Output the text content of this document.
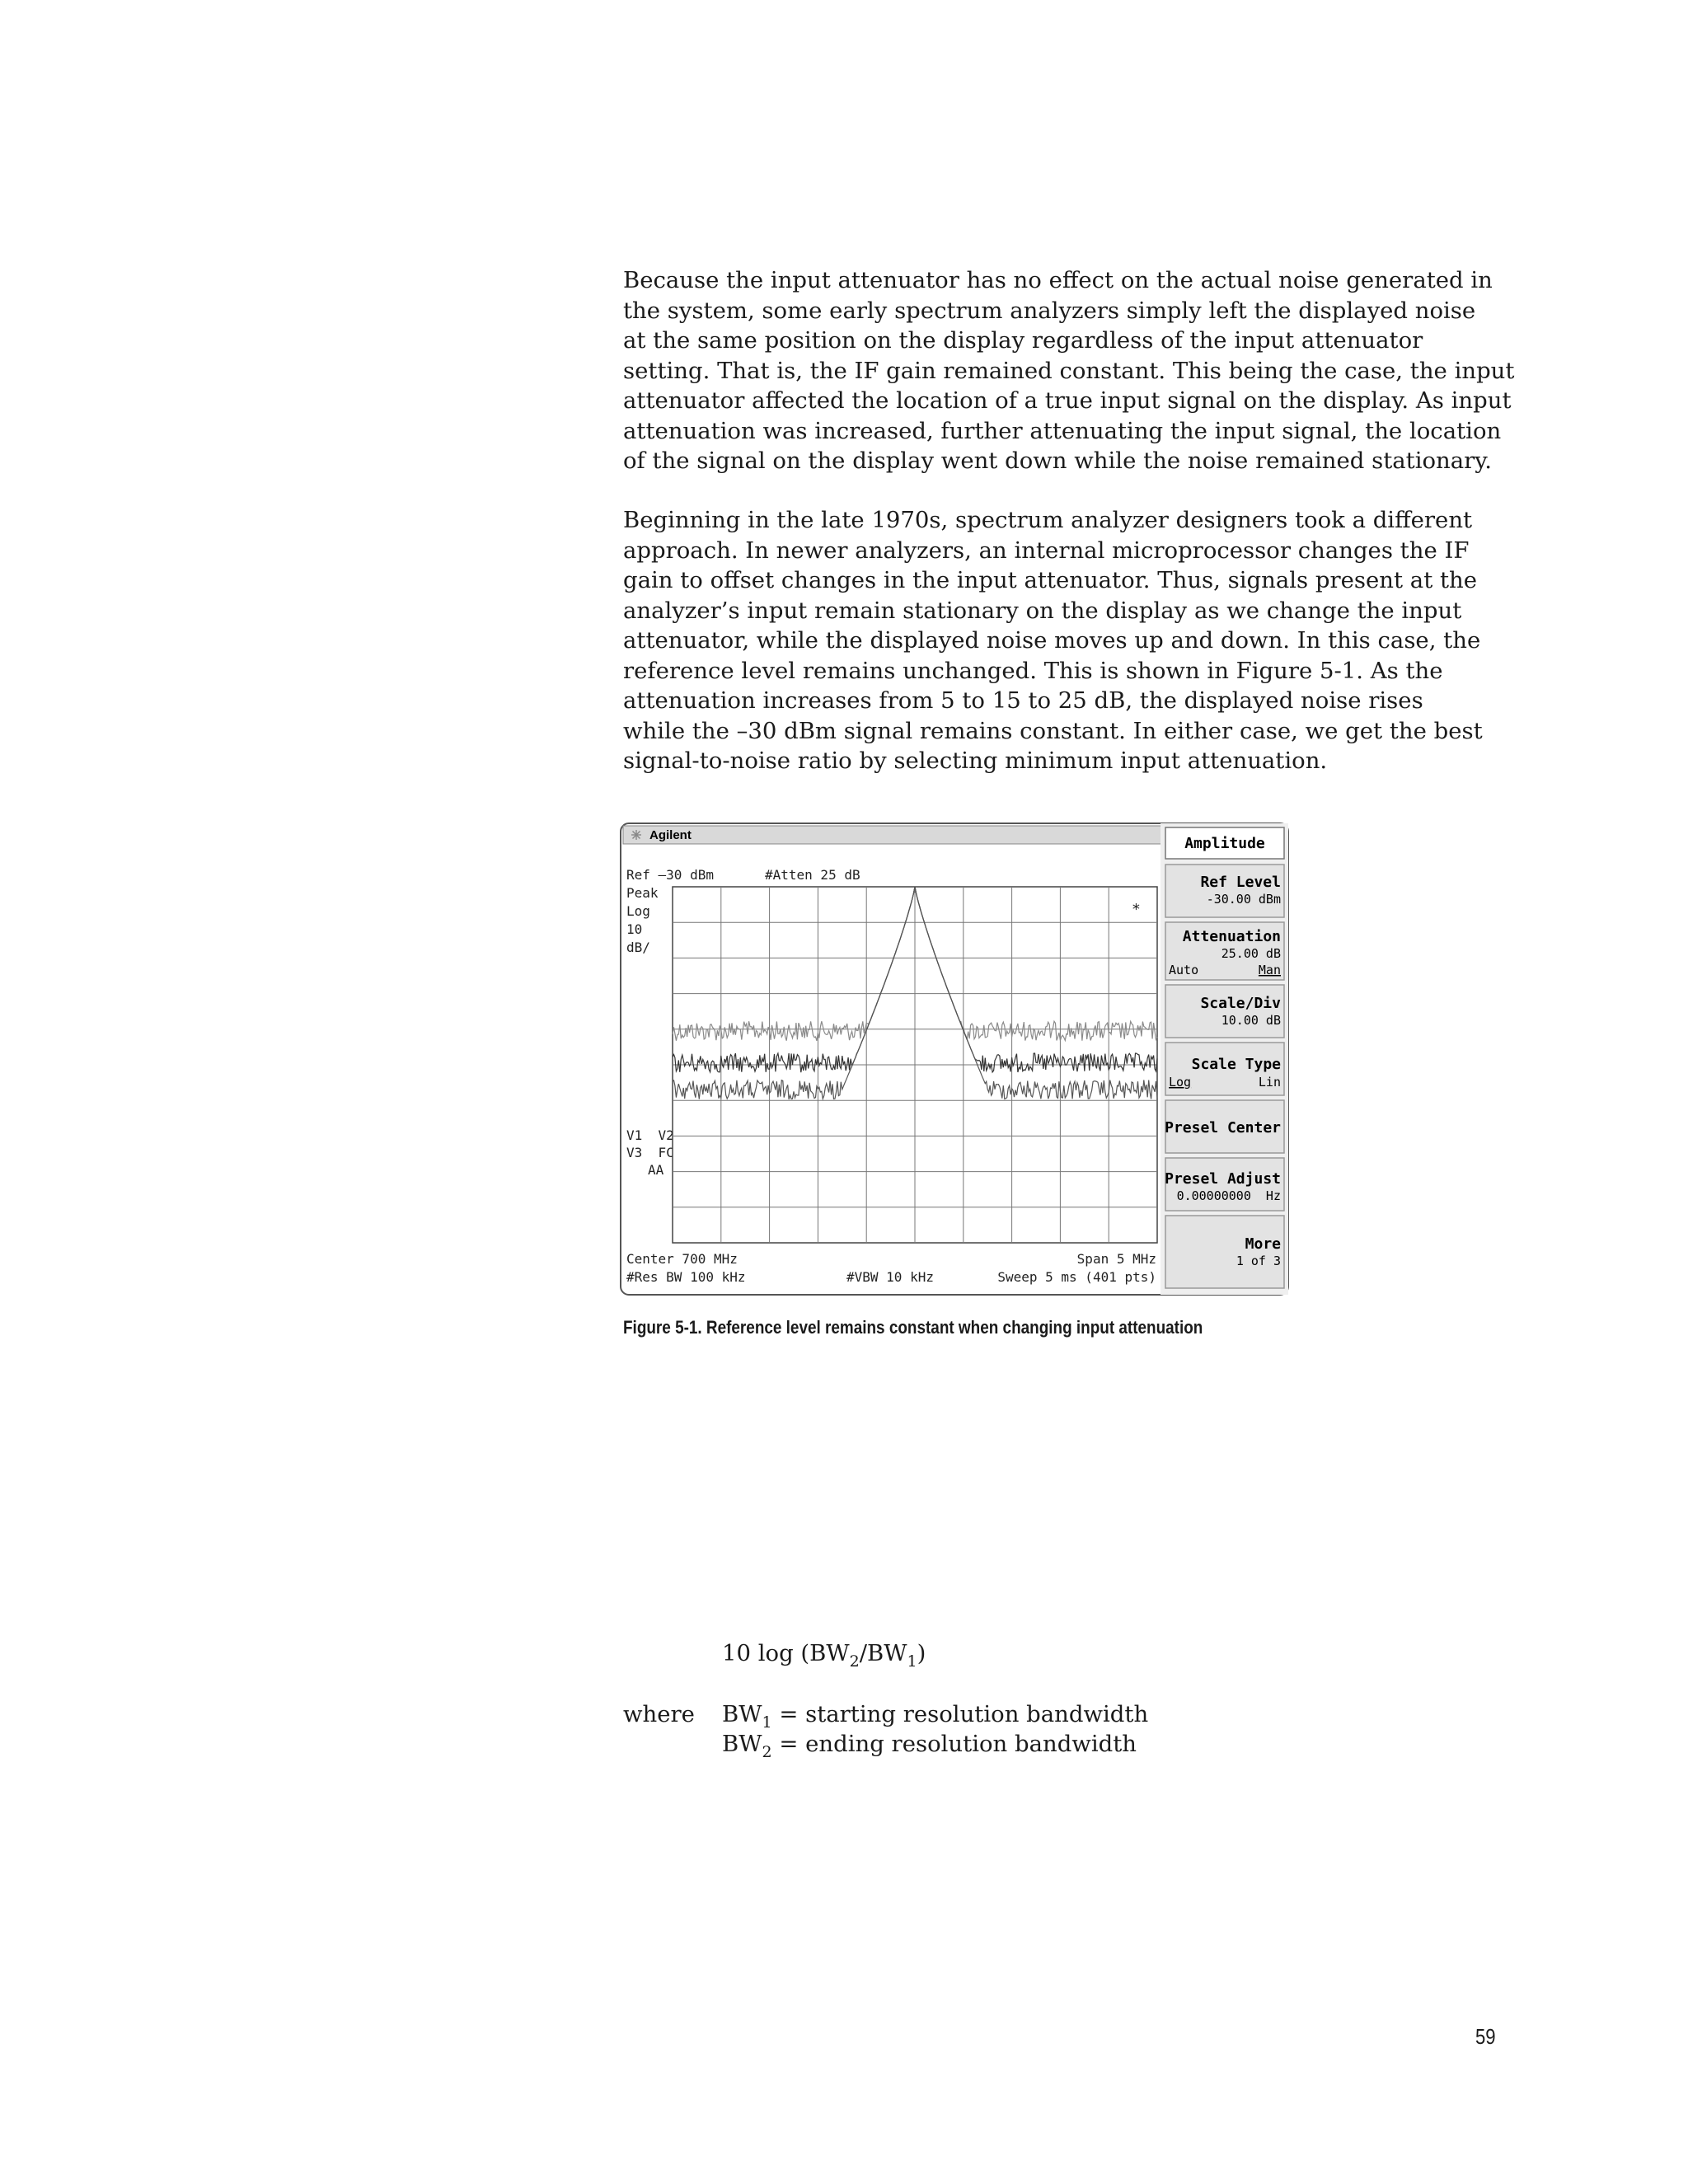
Because the input attenuator has no effect on the actual noise generated in
the system, some early spectrum analyzers simply left the displayed noise
at the same position on the display regardless of the input attenuator
setting. That is, the IF gain remained constant. This being the case, the input
attenuator affected the location of a true input signal on the display. As input
attenuation was increased, further attenuating the input signal, the location
of the signal on the display went down while the noise remained stationary.
Beginning in the late 1970s, spectrum analyzer designers took a different
approach. In newer analyzers, an internal microprocessor changes the IF
gain to offset changes in the input attenuator. Thus, signals present at the
analyzer’s input remain stationary on the display as we change the input
attenuator, while the displayed noise moves up and down. In this case, the
reference level remains unchanged. This is shown in Figure 5-1. As the
attenuation increases from 5 to 15 to 25 dB, the displayed noise rises
while the –30 dBm signal remains constant. In either case, we get the best
signal-to-noise ratio by selecting minimum input attenuation.
Agilent
Ref –30 dBm	#Atten 25 dB
Peak
Log
10
dB/
V1  V2
V3  FC
AA
*
Center 700 MHz	Span 5 MHz
#Res BW 100 kHz	#VBW 10 kHz	Sweep 5 ms (401 pts)
Amplitude
Ref Level
-30.00 dBm
Attenuation
25.00 dB
Auto	Man
Scale/Div
10.00 dB
Scale Type
Log	Lin
Presel Center
Presel Adjust
0.00000000  Hz
More
1 of 3
Figure 5-1. Reference level remains constant when changing input attenuation
10 $\log (BW_2/BW_1)$
where $BW_1$ = starting resolution bandwidth
$BW_2$ = ending resolution bandwidth
59
